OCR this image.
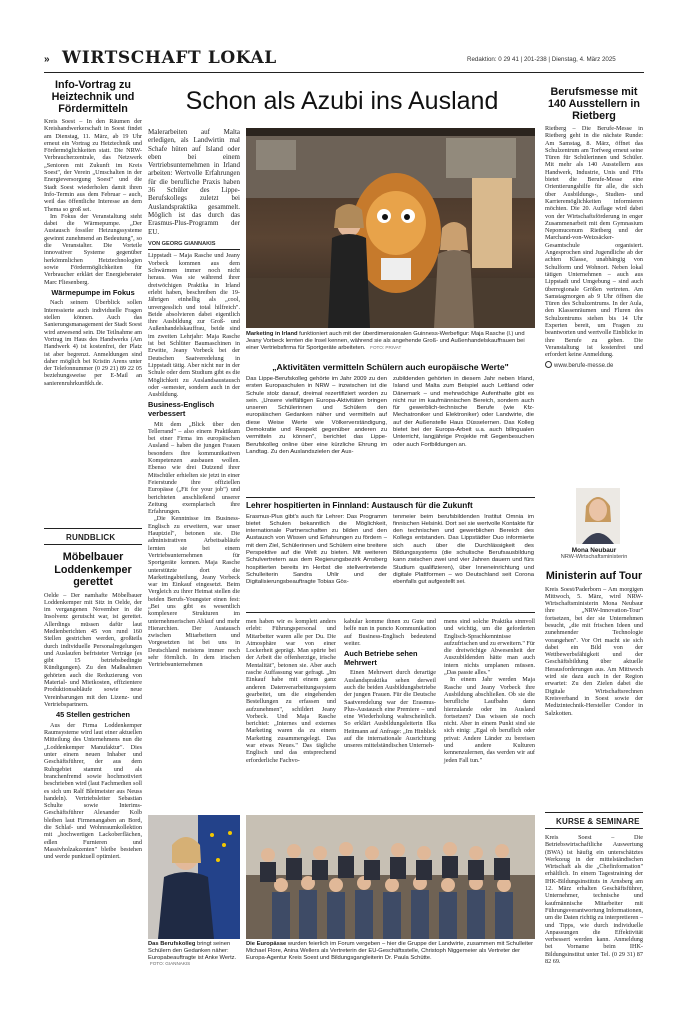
» WIRTSCHAFT LOKAL	Redaktion: 0 29 41 | 201-238 | Dienstag, 4. März 2025
Info-Vortrag zu Heiztechnik und Fördermitteln

Kreis Soest – In den Räumen der Kreishandwerkerschaft in Soest findet am Dienstag, 11. März, ab 19 Uhr erneut ein Vortrag zu Heiztechnik und Fördermöglichkeiten statt. Die NRW-Verbraucherzentrale, das Netzwerk „Senioren mit Zukunft im Kreis Soest", der Verein „Umschalten in der Energieversorgung Soest" und die Stadt Soest wiederholen damit ihren Info-Termin aus dem Februar – auch, weil das öffentliche Interesse an dem Thema so groß sei.

Im Fokus der Veranstaltung steht dabei die Wärmepumpe. „Der Austausch fossiler Heizungssysteme gewinnt zunehmend an Bedeutung", so die Veranstalter. Die Vorteile innovativer Systeme gegenüber herkömmlichen Heiztechnologien sowie Fördermöglichkeiten für Verbraucher erklärt der Energieberater Marc Fliesenberg.

Wärmepumpe im Fokus

Nach seinem Überblick sollen Interessierte auch individuelle Fragen stellen können. Auch das Sanierungsmanagement der Stadt Soest wird anwesend sein. Die Teilnahme am Vortrag im Haus des Handwerks (Am Handwerk 4) ist kostenfrei, der Platz ist aber begrenzt. Anmeldungen sind daher möglich bei Kristin Arens unter der Telefonnummer (0 29 21) 89 22 05 beziehungsweise per E-Mail an sanierenruhrkunftkh.de.

RUNDBLICK
Möbelbauer Loddenkemper gerettet

Oelde – Der namhafte Möbelbauer Loddenkemper mit Sitz in Oelde, der im vergangenen November in die Insolvenz gerutscht war, ist gerettet. Allerdings müssen dafür laut Medienberichten 45 von rund 160 Stellen gestrichen werden, großteils durch individuelle Personalregelungen und Auslaufen befristeter Verträge (es gibt 15 betriebsbedingte Kündigungen). Zu den Maßnahmen gehörten auch die Reduzierung von Material- und Mietkosten, effizientere Produktionsabläufe sowie neue Vereinbarungen mit den Lizenz- und Vertriebspartnern.

45 Stellen gestrichen

Aus der Firma Loddenkemper Raumsysteme wird laut einer aktuellen Mitteilung des Unternehmens nun die „Loddenkemper Manufaktur". Dies unter einem neuen Inhaber und Geschäftsführer, der aus dem Ruhrgebiet stammt und als branchenfremd sowie hochmotiviert beschrieben wird (laut Fachmedien soll es sich um Ralf Bleimeister aus Neuss handeln). Vertriebsleiter Sebastian Schulte sowie Interims-Geschäftsführer Alexander Kolb bleiben laut Firmenangaben an Bord, die Schlaf- und Wohnraumkollektion mit „hochwertigen Lackoberflächen, edlen Furnieren und Massivholzakzenten" bleibe bestehen und werde punktuell optimiert.

Schon als Azubi ins Ausland

Malerarbeiten auf Malta erledigen, als Landwirtin mal Schafe hüten auf Island oder eben bei einem Vertriebsunternehmen in Irland arbeiten: Wertvolle Erfahrungen für die berufliche Praxis haben 36 Schüler des Lippe-Berufskollegs zuletzt bei Auslandspraktika gesammelt. Möglich ist das durch das Erasmus-Plus-Programm der EU.

VON GEORG GIANNAKIS

Lippstadt – Maja Rasche und Jeany Vorbeck kommen aus dem Schwärmen immer noch nicht heraus. Was sie während ihrer dreiwöchigen Praktika in Irland erlebt haben, beschreiben die 19-Jährigen einhellig als „cool, unvergesslich und total hilfreich". Beide absolvieren dabei eigentlich ihre Ausbildung zur Groß- und Außenhandelskauffrau, beide sind im zweiten Lehrjahr: Maja Rasche ist bei Schlüter Baumaschinen in Erwitte, Jeany Vorbeck bei der Deutschen Saatveredelung in Lippstadt tätig. Aber nicht nur in der Schule oder dem Studium gibt es die Möglichkeit zu Auslandsaustausch oder -semester, sondern auch in der Ausbildung.

Business-Englisch verbessert

Mit dem „Blick über den Tellerrand" – also einem Praktikum bei einer Firma im europäischen Ausland – haben die jungen Frauen besonders ihre kommunikativen Kompetenzen ausbauen wollen. Ebenso wie drei Dutzend ihrer Mitschüler erhielten sie jetzt in einer Feierstunde ihre offiziellen Europässe („Fit for your job") und berichteten anschließend unserer Zeitung exemplarisch ihre Erfahrungen.

„Die Kenntnisse im Business-Englisch zu erweitern, war unser Hauptziel", betonen sie. Die administrativen Arbeitsabläufe lernten sie bei einem Vertriebsunternehmen für Sportgeräte kennen. Maja Rasche unterstützte dort die Marketingabteilung, Jeany Vorbeck war im Einkauf eingesetzt. Beim Vergleich zu ihrer Heimat stellen die beiden Berufs-Youngster einen fest: „Bei uns gibt es wesentlich komplexere Strukturen im unternehmerischen Ablauf und mehr Hierarchien. Der Austausch zwischen Mitarbeitern und Vorgesetzten ist bei uns in Deutschland meistens immer noch sehr förmlich. In dem irischen Vertriebsunternehmen

Marketing in Irland funktioniert auch mit der überdimensionalen Guinness-Werbefigur: Maja Rasche (l.) und Jeany Vorbeck lernten die Insel kennen, während sie als angehende Groß- und Außenhandelskauffrauen bei einer Vertriebsfirma für Sportgeräte arbeiteten. FOTO: PRIVAT
„Aktivitäten vermitteln Schülern auch europäische Werte"

Das Lippe-Berufskolleg gehörte im Jahr 2009 zu den ersten Europaschulen in NRW – inzwischen ist die Schule stolz darauf, dreimal rezertifiziert worden zu sein. „Unsere vielfältigen Europa-Aktivitäten bringen unseren Schülerinnen und Schülern den europäischen Gedanken näher und vermitteln auf diese Weise Werte wie Völkerverständigung, Demokratie und Respekt gegenüber anderen zu vermitteln zu können", berichtet das Lippe-Berufskolleg online über eine kürzliche Ehrung im Landtag. Zu den Auslandszielen der Aus-

zubildenden gehörten in diesem Jahr neben Irland, Island und Malta zum Beispiel auch Lettland oder Dänemark – und mehrwöchige Aufenthalte gibt es nicht nur im kaufmännischen Bereich, sondern auch für gewerblich-technische Berufe (wie Kfz-Mechatroniker und Elektroniker) oder Landwirte, die auf der Außenstelle Haus Düsselernen. Das Kolleg bietet bei der Europa-Arbeit u.a. auch bilingualen Unterricht, langjährige Projekte mit Gegenbesuchen oder auch Fortbildungen an.

Lehrer hospitierten in Finnland: Austausch für die Zukunft

Erasmus-Plus gibt's auch für Lehrer: Das Programm bietet Schulen bekanntlich die Möglichkeit, internationale Partnerschaften zu bilden und den Austausch von Wissen und Erfahrungen zu fördern – mit dem Ziel, Schülerinnen und Schülern eine breitere Perspektive auf die Welt zu bieten. Mit weiteren Schulvertretern aus dem Regierungsbezirk Arnsberg hospitierten bereits im Herbst die stellvertretende Schulleiterin Sandra Uhlir und der Digitalisierungsbeauftragte Tobias Gös-

tenmeier beim berufsbildenden Institut Omnia im finnischen Helsinki. Dort sei sie wertvolle Kontakte für den technischen und gewerblichen Bereich des Kollegs entstanden. Das Lippstädter Duo informierte sich auch über die Durchlässigkeit des Bildungssystems (die schulische Berufsausbildung kann zwischen zwei und vier Jahren dauern und fürs Studium qualifizieren), über Inneneinrichtung und digitale Plattformen – wo Deutschland seit Corona ebenfalls gut aufgestellt sei.

men haben wir es komplett anders erlebt: Führungspersonal und Mitarbeiter waren alle per Du. Die Atmosphäre war von einer Lockerheit geprägt. Man spürte bei der Arbeit die offenherzige, irische Mentalität", betonen sie. Aber auch rasche Auffassung war gefragt. „Im Einkauf habe mit einem ganz anderen Datenverarbeitungssystem gearbeitet, um die eingehenden Bestellungen zu erfassen und aufzunehmen", schildert Jeany Vorbeck. Und Maja Rasche berichtet: „Internes und externes Marketing waren da zu einem Marketing zusammengelegt. Das war etwas Neues." Das tägliche Englisch und das entsprechend erforderliche Fachvo-

kabular komme ihnen zu Gute und helfe nun in puncto Kommunikation auf Business-Englisch bedeutend weiter.

Auch Betriebe sehen Mehrwert

Einen Mehrwert durch derartige Auslandspraktika sehen derweil auch die beiden Ausbildungsbetriebe der jungen Frauen. Für die Deutsche Saatveredelung war der Erasmus-Plus-Austausch eine Premiere – und eine Wiederholung wahrscheinlich. So erklärt Ausbildungsleiterin Ilka Heitmann auf Anfrage: „Im Hinblick auf die internationale Ausrichtung unseres mittelständischen Unterneh-

mens sind solche Praktika sinnvoll und wichtig, um die geforderten Englisch-Sprachkenntnisse aufzufrischen und zu erweitern." Für die dreiwöchige Abwesenheit der Auszubildenden hätte man auch intern nichts umplanen müssen. „Das passte alles."

In einem Jahr werden Maja Rasche und Jeany Vorbeck ihre Ausbildung abschließen. Ob sie die berufliche Laufbahn dann hierzulande oder im Ausland fortsetzen? Das wissen sie noch nicht. Aber in einem Punkt sind sie sich einig: „Egal ob beruflich oder privat: Andere Länder zu bereisen und andere Kulturen kennenzulernen, das werden wir auf jeden Fall tun."

Das Berufskolleg bringt seinen Schülern den Gedanken näher: Europabeauftragte ist Anke Wertz. FOTO: GIANNAKIS
Die Europässe wurden feierlich im Forum vergeben – hier die Gruppe der Landwirte, zusammen mit Schulleiter Michael Flore, Anina Wellers als Vertreterin der EU-Geschäftsstelle, Christoph Niggemeier als Vertreter der Europa-Agentur Kreis Soest und Bildungsgangleiterin Dr. Paula Schütte.
Berufsmesse mit 140 Ausstellern in Rietberg

Rietberg – Die Berufe-Messe in Rietberg geht in die nächste Runde: Am Samstag, 8. März, öffnet das Schulzentrum am Torfweg erneut seine Türen für Schülerinnen und Schüler. Mit mehr als 140 Ausstellern aus Handwerk, Industrie, Unis und FHs bietet die Berufe-Messe eine Orientierungshilfe für alle, die sich über Ausbildungs-, Studien- und Karrieremöglichkeiten informieren möchten. Die 20. Auflage wird dabei von der Wirtschaftsförderung in enger Zusammenarbeit mit dem Gymnasium Nepomucenum Rietberg und der Marchand-von-Weizsäcker-Gesamtschule organisiert. Angesprochen sind Jugendliche ab der achten Klasse, unabhängig von Schulform und Wohnort. Neben lokal tätigen Unternehmen – auch aus Lippstadt und Umgebung – sind auch überregionale Größen vertreten. Am Samstagmorgen ab 9 Uhr öffnen die Türen des Schulzentrums. In der Aula, den Klassenräumen und Fluren des Schulzentrums stehen bis 14 Uhr Experten bereit, um Fragen zu beantworten und wertvolle Einblicke in ihre Berufe zu geben. Die Veranstaltung ist kostenfrei und erfordert keine Anmeldung.

www.berufe-messe.de
Mona Neubaur
NRW-Wirtschaftsministerin
Ministerin auf Tour

Kreis Soest/Paderborn – Am morgigen Mittwoch, 5. März, wird NRW-Wirtschaftsministerin Mona Neubaur ihre „NRW-Innovation-Tour" fortsetzen, bei der sie Unternehmen besucht, „die mit frischen Ideen und zunehmender Technologie vorangehen". Vor Ort macht sie sich dabei ein Bild von der Wettbewerbsfähigkeit und der Geschäftsbildung über aktuelle Herausforderungen aus. Am Mittwoch wird sie dazu auch in der Region erwartet: Zu den Zielen dabei die Digitale Wirtschaftsrechnen Kreisverband in Soest sowie der Medizintechnik-Hersteller Condor in Salzkotten.

KURSE & SEMINARE

Kreis Soest – Die Betriebswirtschaftliche Auswertung (BWA) ist häufig ein unterschätztes Werkzeug in der mittelständischen Wirtschaft als die „Chefinformation" erhältlich. In einem Tagestraining der IHK-Bildungsinstituts in Arnsberg am 12. März erhalten Geschäftsführer, Unternehmer, technische und kaufmännische Mitarbeiter mit Führungsverantwortung Informationen, um die Daten richtig zu interpretieren – und Tipps, wie durch individuelle Anpassungen die Effektivität verbessert werden kann. Anmeldung bei Vorname beim IHK-Bildungsinstitut unter Tel. (0 29 31) 87 82 69.
